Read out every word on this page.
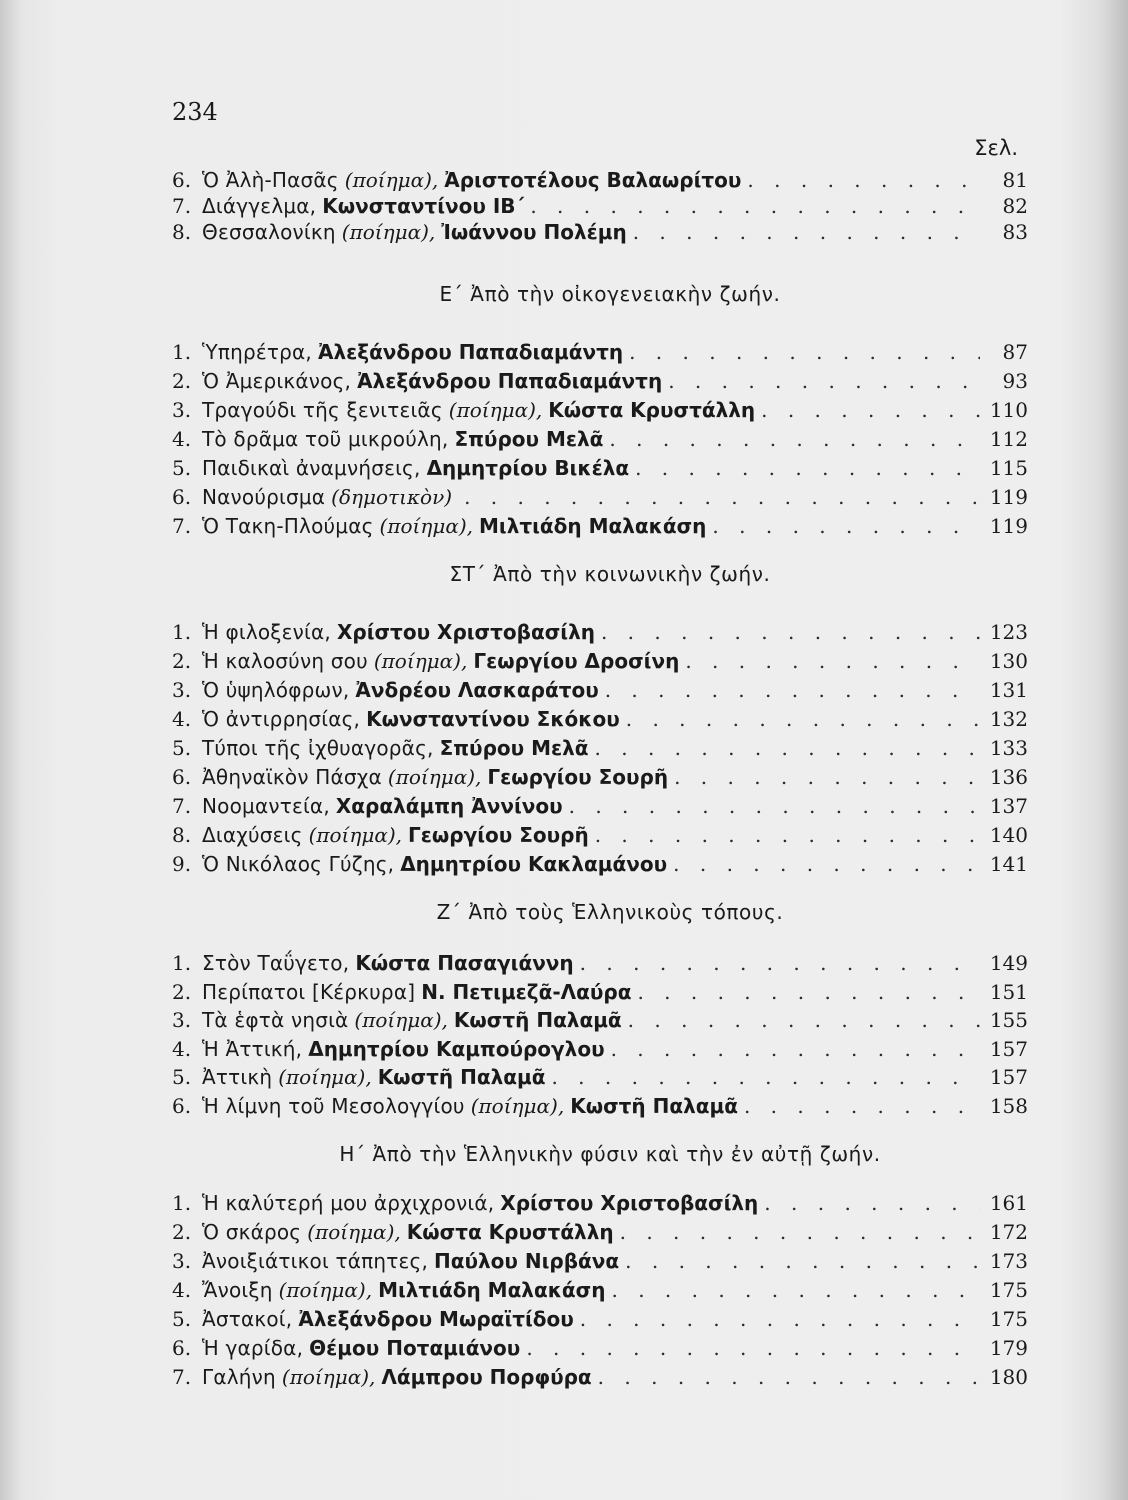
234
Σελ.
Ε΄ Ἀπὸ τὴν οἰκογενειακὴν ζωήν.
ΣΤ΄ Ἀπὸ τὴν κοινωνικὴν ζωήν.
Ζ΄ Ἀπὸ τοὺς Ἑλληνικοὺς τόπους.
Η΄ Ἀπὸ τὴν Ἑλληνικὴν φύσιν καὶ τὴν ἐν αὐτῇ ζωήν.
6. Ὁ Ἀλὴ-Πασᾶς (ποίημα), Ἀριστοτέλους Βαλαωρίτου . . .	81
7. Διάγγελμα, Κωνσταντίνου ΙΒ΄ . . .	82
8. Θεσσαλονίκη (ποίημα), Ἰωάννου Πολέμη . . .	83
1. Ὑπηρέτρα, Ἀλεξάνδρου Παπαδιαμάντη . . .	87
2. Ὁ Ἀμερικάνος, Ἀλεξάνδρου Παπαδιαμάντη . . .	93
3. Τραγούδι τῆς ξενιτειᾶς (ποίημα), Κώστα Κρυστάλλη . . .	110
4. Τὸ δρᾶμα τοῦ μικρούλη, Σπύρου Μελᾶ . . .	112
5. Παιδικαὶ ἀναμνήσεις, Δημητρίου Βικέλα . . .	115
6. Νανούρισμα (δημοτικὸν) . . .	119
7. Ὁ Τακη-Πλούμας (ποίημα), Μιλτιάδη Μαλακάση . . .	119
1. Ἡ φιλοξενία, Χρίστου Χριστοβασίλη . . .	123
2. Ἡ καλοσύνη σου (ποίημα), Γεωργίου Δροσίνη . . .	130
3. Ὁ ὑψηλόφρων, Ἀνδρέου Λασκαράτου . . .	131
4. Ὁ ἀντιρρησίας, Κωνσταντίνου Σκόκου . . .	132
5. Τύποι τῆς ἰχθυαγορᾶς, Σπύρου Μελᾶ . . .	133
6. Ἀθηναϊκὸν Πάσχα (ποίημα), Γεωργίου Σουρῆ . . .	136
7. Νοομαντεία, Χαραλάμπη Ἀννίνου . . .	137
8. Διαχύσεις (ποίημα), Γεωργίου Σουρῆ . . .	140
9. Ὁ Νικόλαος Γύζης, Δημητρίου Κακλαμάνου . . .	141
1. Στὸν Ταΰγετο, Κώστα Πασαγιάννη . . .	149
2. Περίπατοι [Κέρκυρα] Ν. Πετιμεζᾶ-Λαύρα . . .	151
3. Τὰ ἑφτὰ νησιὰ (ποίημα), Κωστῆ Παλαμᾶ . . .	155
4. Ἡ Ἀττική, Δημητρίου Καμπούρογλου . . .	157
5. Ἀττικὴ (ποίημα), Κωστῆ Παλαμᾶ . . .	157
6. Ἡ λίμνη τοῦ Μεσολογγίου (ποίημα), Κωστῆ Παλαμᾶ . . .	158
1. Ἡ καλύτερή μου ἀρχιχρονιά, Χρίστου Χριστοβασίλη . . .	161
2. Ὁ σκάρος (ποίημα), Κώστα Κρυστάλλη . . .	172
3. Ἀνοιξιάτικοι τάπητες, Παύλου Νιρβάνα . . .	173
4. Ἄνοιξη (ποίημα), Μιλτιάδη Μαλακάση . . .	175
5. Ἀστακοί, Ἀλεξάνδρου Μωραϊτίδου . . .	175
6. Ἡ γαρίδα, Θέμου Ποταμιάνου . . .	179
7. Γαλήνη (ποίημα), Λάμπρου Πορφύρα . . .	180
